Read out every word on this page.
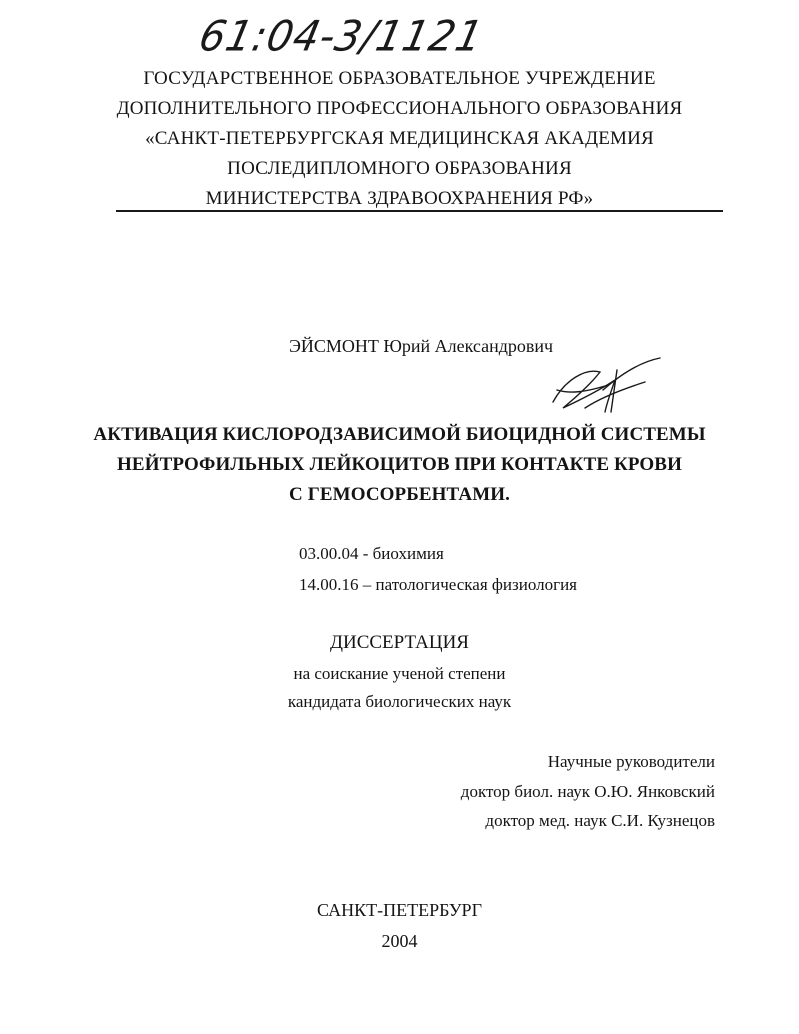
61:04-3/1121
ГОСУДАРСТВЕННОЕ ОБРАЗОВАТЕЛЬНОЕ УЧРЕЖДЕНИЕ
ДОПОЛНИТЕЛЬНОГО ПРОФЕССИОНАЛЬНОГО ОБРАЗОВАНИЯ
«САНКТ-ПЕТЕРБУРГСКАЯ МЕДИЦИНСКАЯ АКАДЕМИЯ
ПОСЛЕДИПЛОМНОГО ОБРАЗОВАНИЯ
МИНИСТЕРСТВА ЗДРАВООХРАНЕНИЯ РФ»
ЭЙСМОНТ Юрий Александрович
АКТИВАЦИЯ КИСЛОРОДЗАВИСИМОЙ БИОЦИДНОЙ СИСТЕМЫ
НЕЙТРОФИЛЬНЫХ ЛЕЙКОЦИТОВ ПРИ КОНТАКТЕ КРОВИ
С ГЕМОСОРБЕНТАМИ.
03.00.04 - биохимия
14.00.16 – патологическая физиология
ДИССЕРТАЦИЯ
на соискание ученой степени
кандидата биологических наук
Научные руководители
доктор биол. наук О.Ю. Янковский
доктор мед. наук С.И. Кузнецов
САНКТ-ПЕТЕРБУРГ
2004
